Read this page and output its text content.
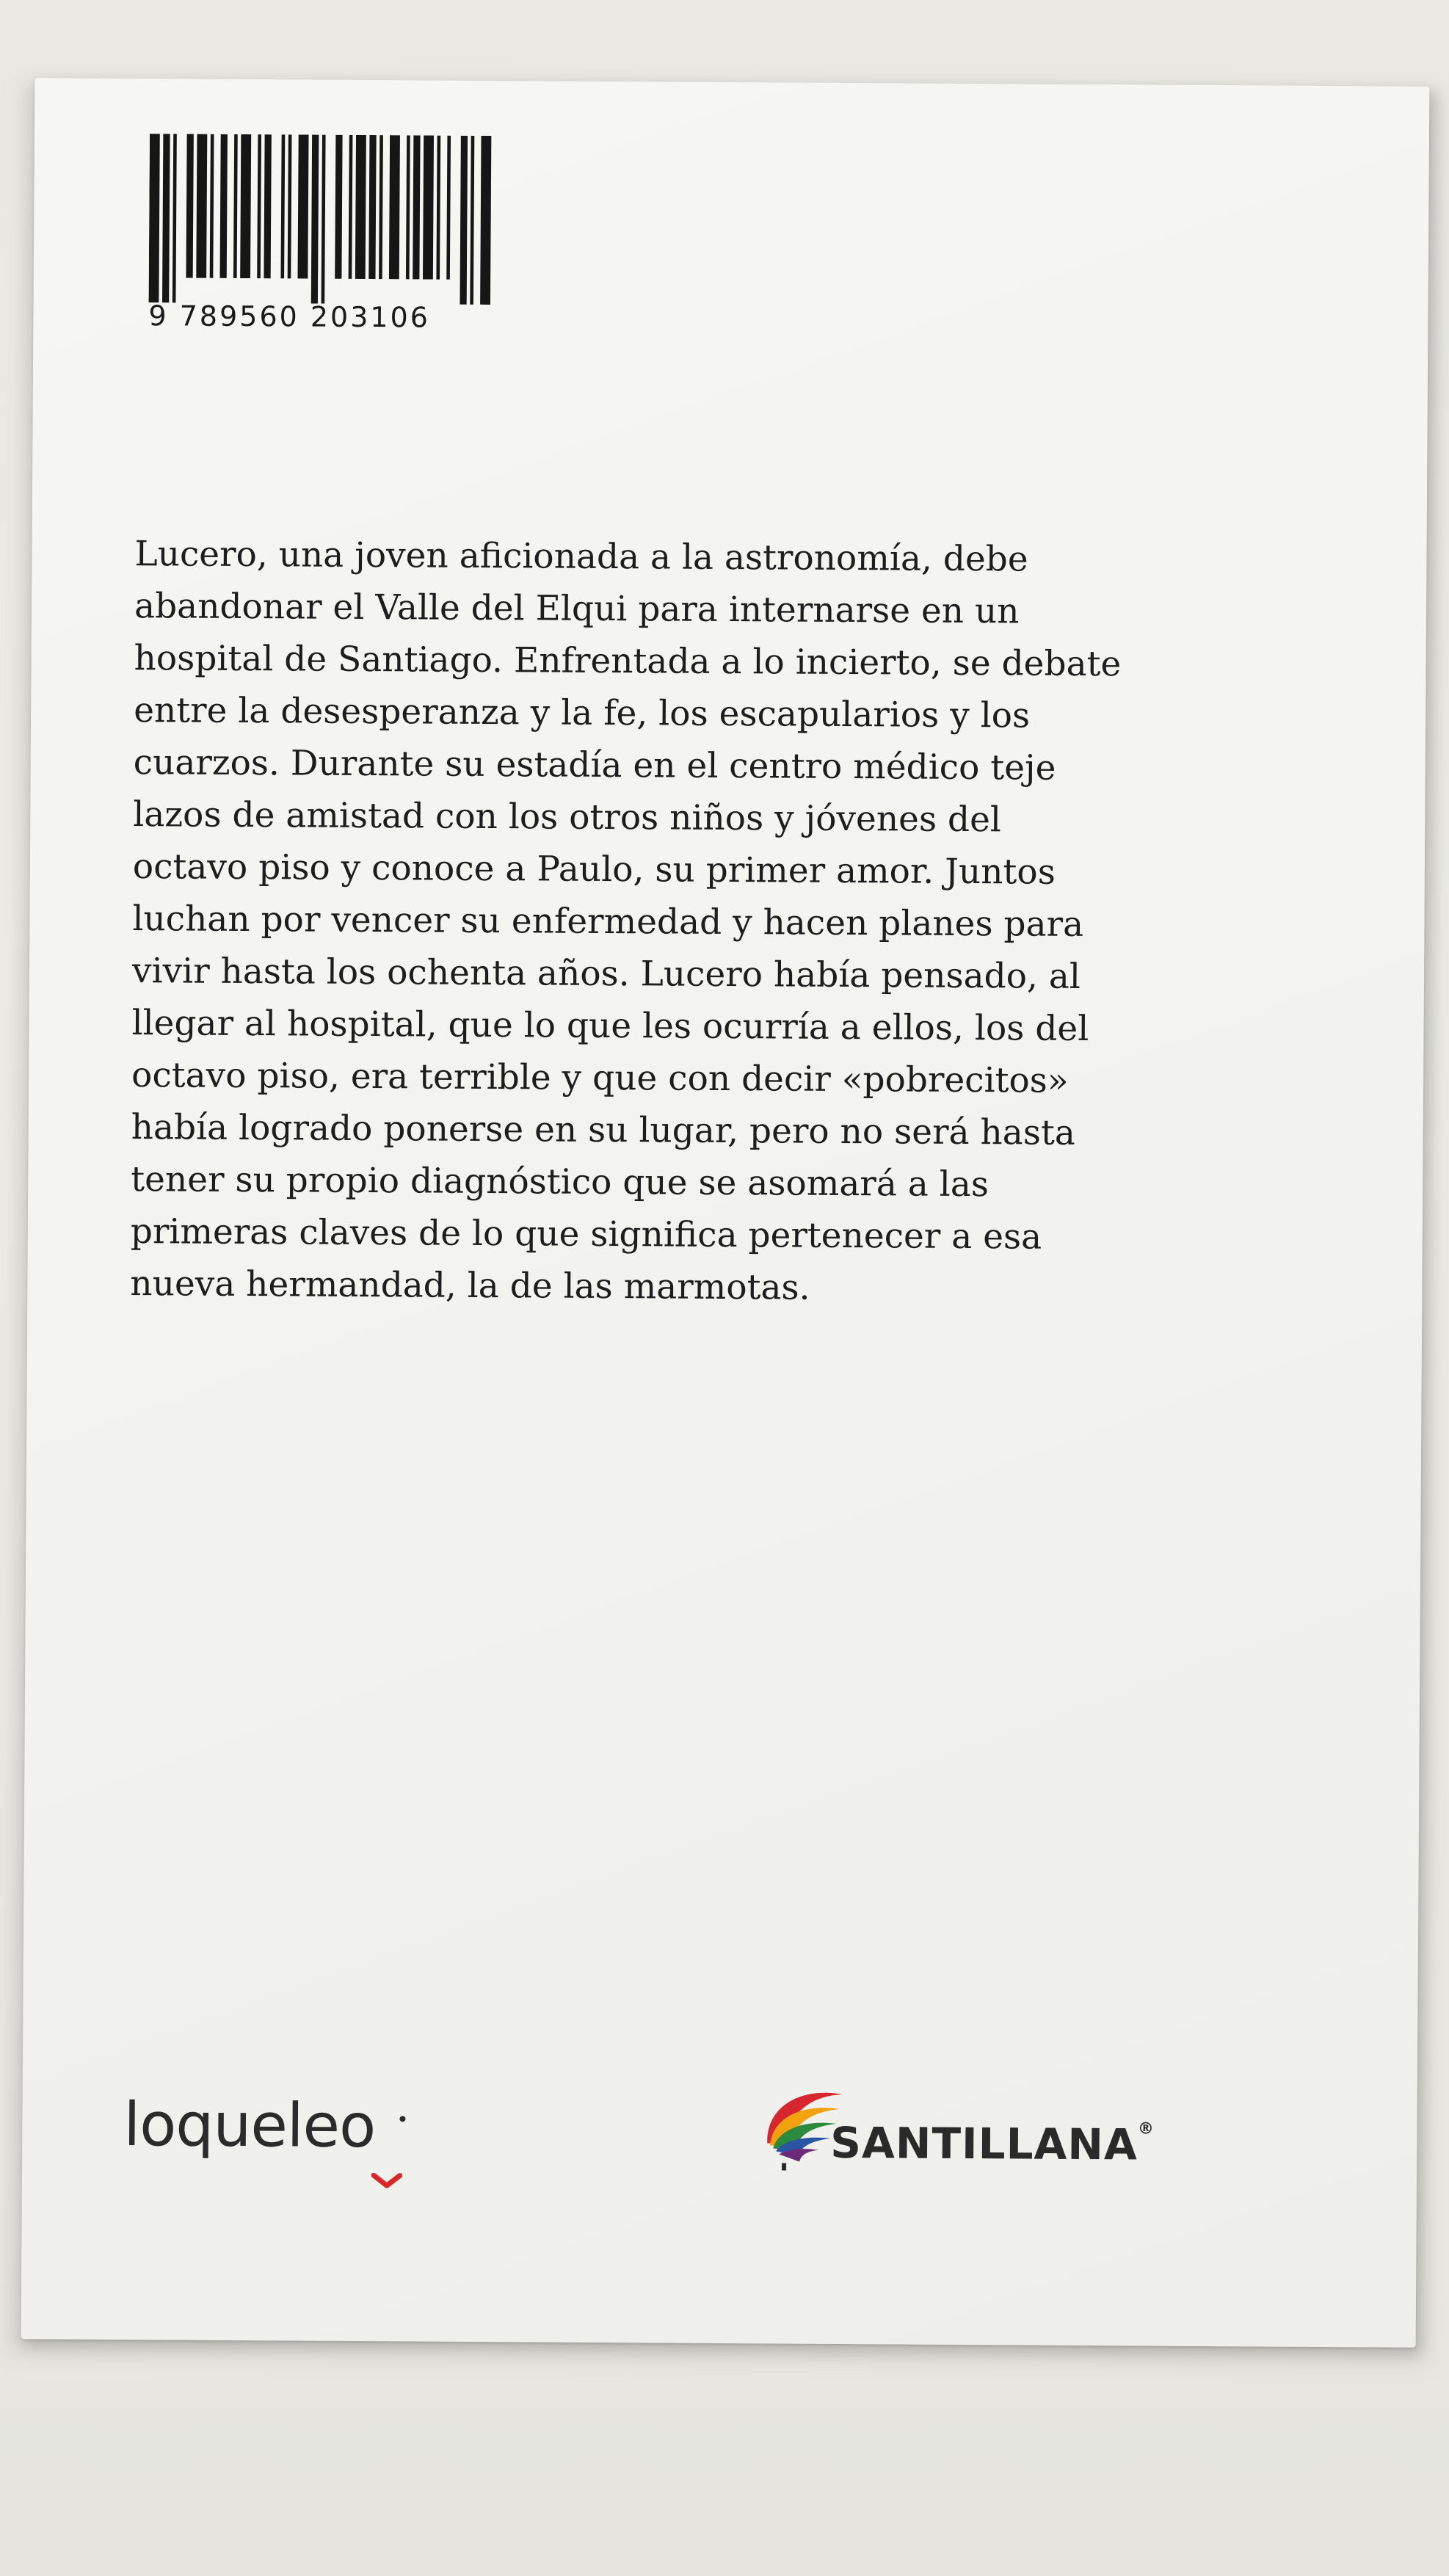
9 789560 203106
Lucero, una joven aficionada a la astronomía, debe
abandonar el Valle del Elqui para internarse en un
hospital de Santiago. Enfrentada a lo incierto, se debate
entre la desesperanza y la fe, los escapularios y los
cuarzos. Durante su estadía en el centro médico teje
lazos de amistad con los otros niños y jóvenes del
octavo piso y conoce a Paulo, su primer amor. Juntos
luchan por vencer su enfermedad y hacen planes para
vivir hasta los ochenta años. Lucero había pensado, al
llegar al hospital, que lo que les ocurría a ellos, los del
octavo piso, era terrible y que con decir «pobrecitos»
había logrado ponerse en su lugar, pero no será hasta
tener su propio diagnóstico que se asomará a las
primeras claves de lo que significa pertenecer a esa
nueva hermandad, la de las marmotas.
loqueleo	SANTILLANA®
